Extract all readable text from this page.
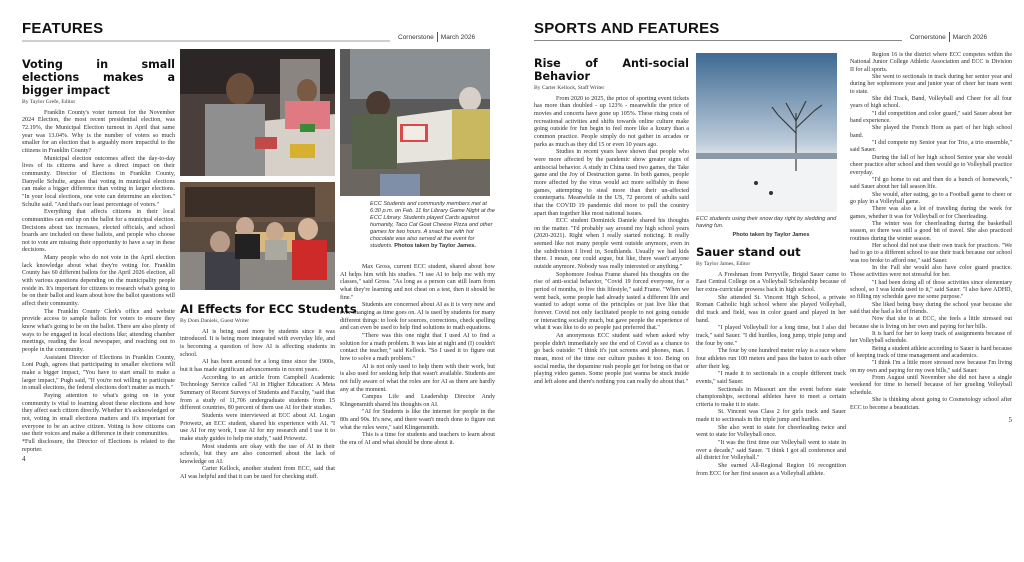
FEATURES	Cornerstone March 2026
Voting in small elections makes a bigger impact
By Taylor Grefe, Editor

Franklin County's voter turnout for the November 2024 Election, the most recent presidential election, was 72.19%, the Municipal Election turnout in April that same year was 13.04%. Why is the number of voters so much smaller for an election that is arguably more impactful to the citizens in Franklin County?

Municipal election outcomes affect the day-to-day lives of its citizens and have a direct impact on their community. Director of Elections in Franklin County, Danyelle Schulte, argues that voting in municipal elections can make a bigger difference than voting in larger elections. "In your local elections, one vote can determine an election." Schulte said. "And that's our least percentage of voters."

Everything that affects citizens in their local communities can end up on the ballot for a municipal election. Decisions about tax increases, elected officials, and school boards are included on these ballots, and people who choose not to vote are missing their opportunity to have a say in these decisions.

Many people who do not vote in the April election lack knowledge about what they're voting for. Franklin County has 60 different ballots for the April 2026 election, all with various questions depending on the municipality people reside in. It's important for citizens to research what's going to be on their ballot and learn about how the ballot questions will affect their community.

The Franklin County Clerk's office and website provide access to sample ballots for voters to ensure they know what's going to be on the ballot. There are also plenty of ways to be engaged in local elections like; attending chamber meetings, reading the local newspaper, and reaching out to people in the community.

Assistant Director of Elections in Franklin County, Loni Pugh, agrees that participating in smaller elections will make a bigger impact, "You have to start small to make a larger impact," Pugh said, "If you're not willing to participate in small elections, the federal elections don't matter as much."

Paying attention to what's going on in your community is vital to learning about these elections and how they affect each citizen directly. Whether it's acknowledged or not, voting in small elections matters and it's important for everyone to be an active citizen. Voting is how citizens can use their voices and make a difference in their communities.

*Full disclosure, the Director of Elections is related to the reporter.

4
ECC Students and community members met at 6:30 p.m. on Feb. 11 for Library Game Night at the ECC Library. Students played Cards against humanity, Taco Cat Goat Cheese Pizza and other games for two hours. A snack bar with hot chocolate was also served at the event for students. Photos taken by Taylor James.

Max Gross, current ECC student, shared about how AI helps him with his studies. "I use AI to help me with my classes," said Gross. "As long as a person can still learn from what they're learning and not cheat on a test, then it should be fine."

Students are concerned about AI as it is very new and ever-changing as time goes on. AI is used by students for many different things: to look for sources, corrections, check spelling and can even be used to help find solutions to math equations.

"There was this one night that I used AI to find a solution for a math problem. It was late at night and (I) couldn't contact the teacher," said Kellock. "So I used it to figure out how to solve a math problem."

AI is not only used to help them with their work, but is also used for seeking help that wasn't available. Students are not fully aware of what the roles are for AI as there are hardly any at the moment.

Campus Life and Leadership Director Andy Klingensmith shared his thoughts on AI.

"AI for Students is like the internet for people in the 80s and 90s. It's new, and there wasn't much done to figure out what the rules were," said Klingensmith.

This is a time for students and teachers to learn about the era of AI and what should be done about it.

AI Effects for ECC Students
By Dom Daniels, Guest Writer

AI is being used more by students since it was introduced. It is being more integrated with everyday life, and is becoming a question of how AI is affecting students in school.

AI has been around for a long time since the 1900s, but it has made significant advancements in recent years.

According to an article from Campbell Academic Technology Service called "AI in Higher Education: A Meta Summary of Recent Surveys of Students and Faculty, "said that from a study of 11,706 undergraduate students from 15 different countries, 80 percent of them use AI for their studies.

Students were interviewed at ECC about AI. Logan Priowetz, an ECC student, shared his experience with AI. "I use AI for my work, I use AI for my research and I use it to make study guides to help me study," said Priowetz.

Most students are okay with the use of AI in their schools, but they are also concerned about the lack of knowledge on AI.

Carter Kellock, another student from ECC, said that AI was helpful and that it can be used for checking stuff.

SPORTS AND FEATURES	Cornerstone March 2026
Rise of Anti-social Behavior
By Carter Kellock, Staff Writer

From 2020 to 2025, the price of sporting event tickets has more than doubled - up 123% - meanwhile the price of movies and concerts have gone up 105%. These rising costs of recreational activities and shifts towards online culture make going outside for fun begin to feel more like a luxury than a common practice. People simply do not gather in arcades or parks as much as they did 15 or even 10 years ago.

Studies in recent years have shown that people who were more affected by the pandemic show greater signs of antisocial behavior. A study in China used two games, the Take game and the Joy of Destruction game. In both games, people more affected by the virus would act more selfishly in these games, attempting to steal more than their un-affected counterparts. Meanwhile in the US, 72 percent of adults said that the COVID 19 pandemic did more to pull the country apart than together like most national issues.

ECC student Dominick Daniele shared his thoughts on the matter. "I'd probably say around my high school years (2020-2021). Right when I really started noticing. It really seemed like not many people went outside anymore, even in the subdivision I lived in, Southlands. Usually we had kids there. I mean, one could argue, but like, there wasn't anyone outside anymore. Nobody was really interested or anything."

Sophomore Joshua Frame shared his thoughts on the rise of anti-social behavior, "Covid 19 forced everyone, for a period of months, to live this lifestyle," said Frame. "When we went back, some people had already tasted a different life and wanted to adopt some of the principles or just live like that forever. Covid not only facilitated people to not going outside or interacting socially much, but gave people the experience of what it was like to do so people just preferred that."

An anonymous ECC student said when asked why people didn't immediately see the end of Covid as a chance to go back outside: "I think it's just screens and phones, man. I mean, most of the time our culture pushes it too. Being on social media, the dopamine rush people get for being on that or playing video games. Some people just wanna be stuck inside and left alone and there's nothing you can really do about that."

ECC students using their snow day right by sledding and having fun.
Photo taken by Taylor James
Sauer stand out
By Taylor James, Editor

A Freshman from Perryville, Brigid Sauer came to East Central College on a Volleyball Scholarship because of her extra-curricular prowess back in high school.

She attended St. Vincent High School, a private Roman Catholic high school where she played Volleyball, did track and field, was in color guard and played in her band.

"I played Volleyball for a long time, but I also did track," said Sauer. "I did hurdles, long jump, triple jump and the four by one."

The four by one hundred meter relay is a race where four athletes run 100 meters and pass the baton to each other after their leg.

"I made it to sectionals in a couple different track events," said Sauer.

Sectionals in Missouri are the event before state championships, sectional athletes have to meet a certain criteria to make it to state.

St. Vincent was Class 2 for girls track and Sauer made it to sectionals in the triple jump and hurdles.

She also went to state for cheerleading twice and went to state for Volleyball once.

"It was the first time our Volleyball went to state in over a decade," said Sauer. "I think I got all conference and all district for Volleyball."

She earned All-Regional Region 16 recognition from ECC for her first season as a Volleyball athlete.

Region 16 is the district where ECC competes within the National Junior College Athletic Association and ECC is Division II for all sports.

She went to sectionals in track during her senior year and during her sophomore year and junior year of cheer her team went to state.

She did Track, Band, Volleyball and Cheer for all four years of high school.

"I did competition and color guard," said Sauer about her band experience.

She played the French Horn as part of her high school band.

"I did compete my Senior year for Trio, a trio ensemble," said Sauer.

During the fall of her high school Senior year she would cheer practice after school and then would go to Volleyball practice everyday.

"I'd go home to eat and then do a bunch of homework," said Sauer about her fall season life.

She would, after eating, go to a Football game to cheer or go play in a Volleyball game.

There was also a lot of traveling during the week for games, whether it was for Volleyball or for Cheerleading.

The winter was for cheerleading during the basketball season, so there was still a good bit of travel. She also practiced routines during the winter season.

Her school did not use their own track for practices. "We had to go to a different school to use their track because our school was too broke to afford one," said Sauer.

In the Fall she would also have color guard practice. Those activities were not stressful for her.

"I had been doing all of those activities since elementary school, so I was kinda used to it," said Sauer. "I also have ADHD, so filling my schedule gave me some purpose."

She liked being busy during the school year because she said that she had a lot of friends.

Now that she is at ECC, she feels a little stressed out because she is living on her own and paying for her bills.

It is hard for her to keep track of assignments because of her Volleyball schedule.

Being a student athlete according to Sauer is hard because of keeping track of time management and academics.

"I think I'm a little more stressed now because I'm living on my own and paying for my own bills," said Sauer.

From August until November she did not have a single weekend for time to herself because of her grueling Volleyball schedule.

She is thinking about going to Cosmetology school after ECC to become a beautician.

5
